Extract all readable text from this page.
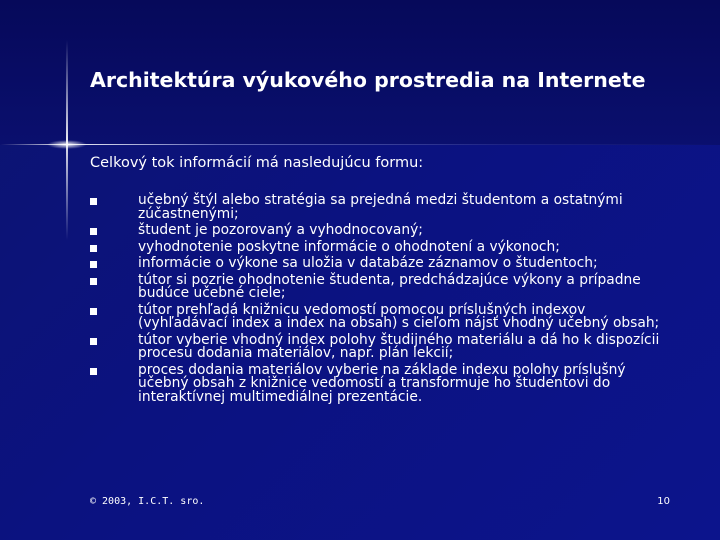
Architektúra výukového prostredia na Internete
Celkový tok informácií má nasledujúcu formu:
učebný štýl alebo stratégia sa prejedná medzi študentom a ostatnými zúčastnenými;
študent je pozorovaný a vyhodnocovaný;
vyhodnotenie poskytne informácie o ohodnotení a výkonoch;
informácie o výkone sa uložia v databáze záznamov o študentoch;
tútor si pozrie ohodnotenie študenta, predchádzajúce výkony a prípadne budúce učebné ciele;
tútor prehľadá knižnicu vedomostí pomocou príslušných indexov (vyhľadávací index a index na obsah) s cieľom nájsť vhodný učebný obsah;
tútor vyberie vhodný index polohy študijného materiálu a dá ho k dispozícii procesu dodania materiálov, napr. plán lekcií;
proces dodania materiálov vyberie na základe indexu polohy príslušný učebný obsah z knižnice vedomostí a transformuje ho študentovi do interaktívnej multimediálnej prezentácie.
© 2003, I.C.T. sro.	10
